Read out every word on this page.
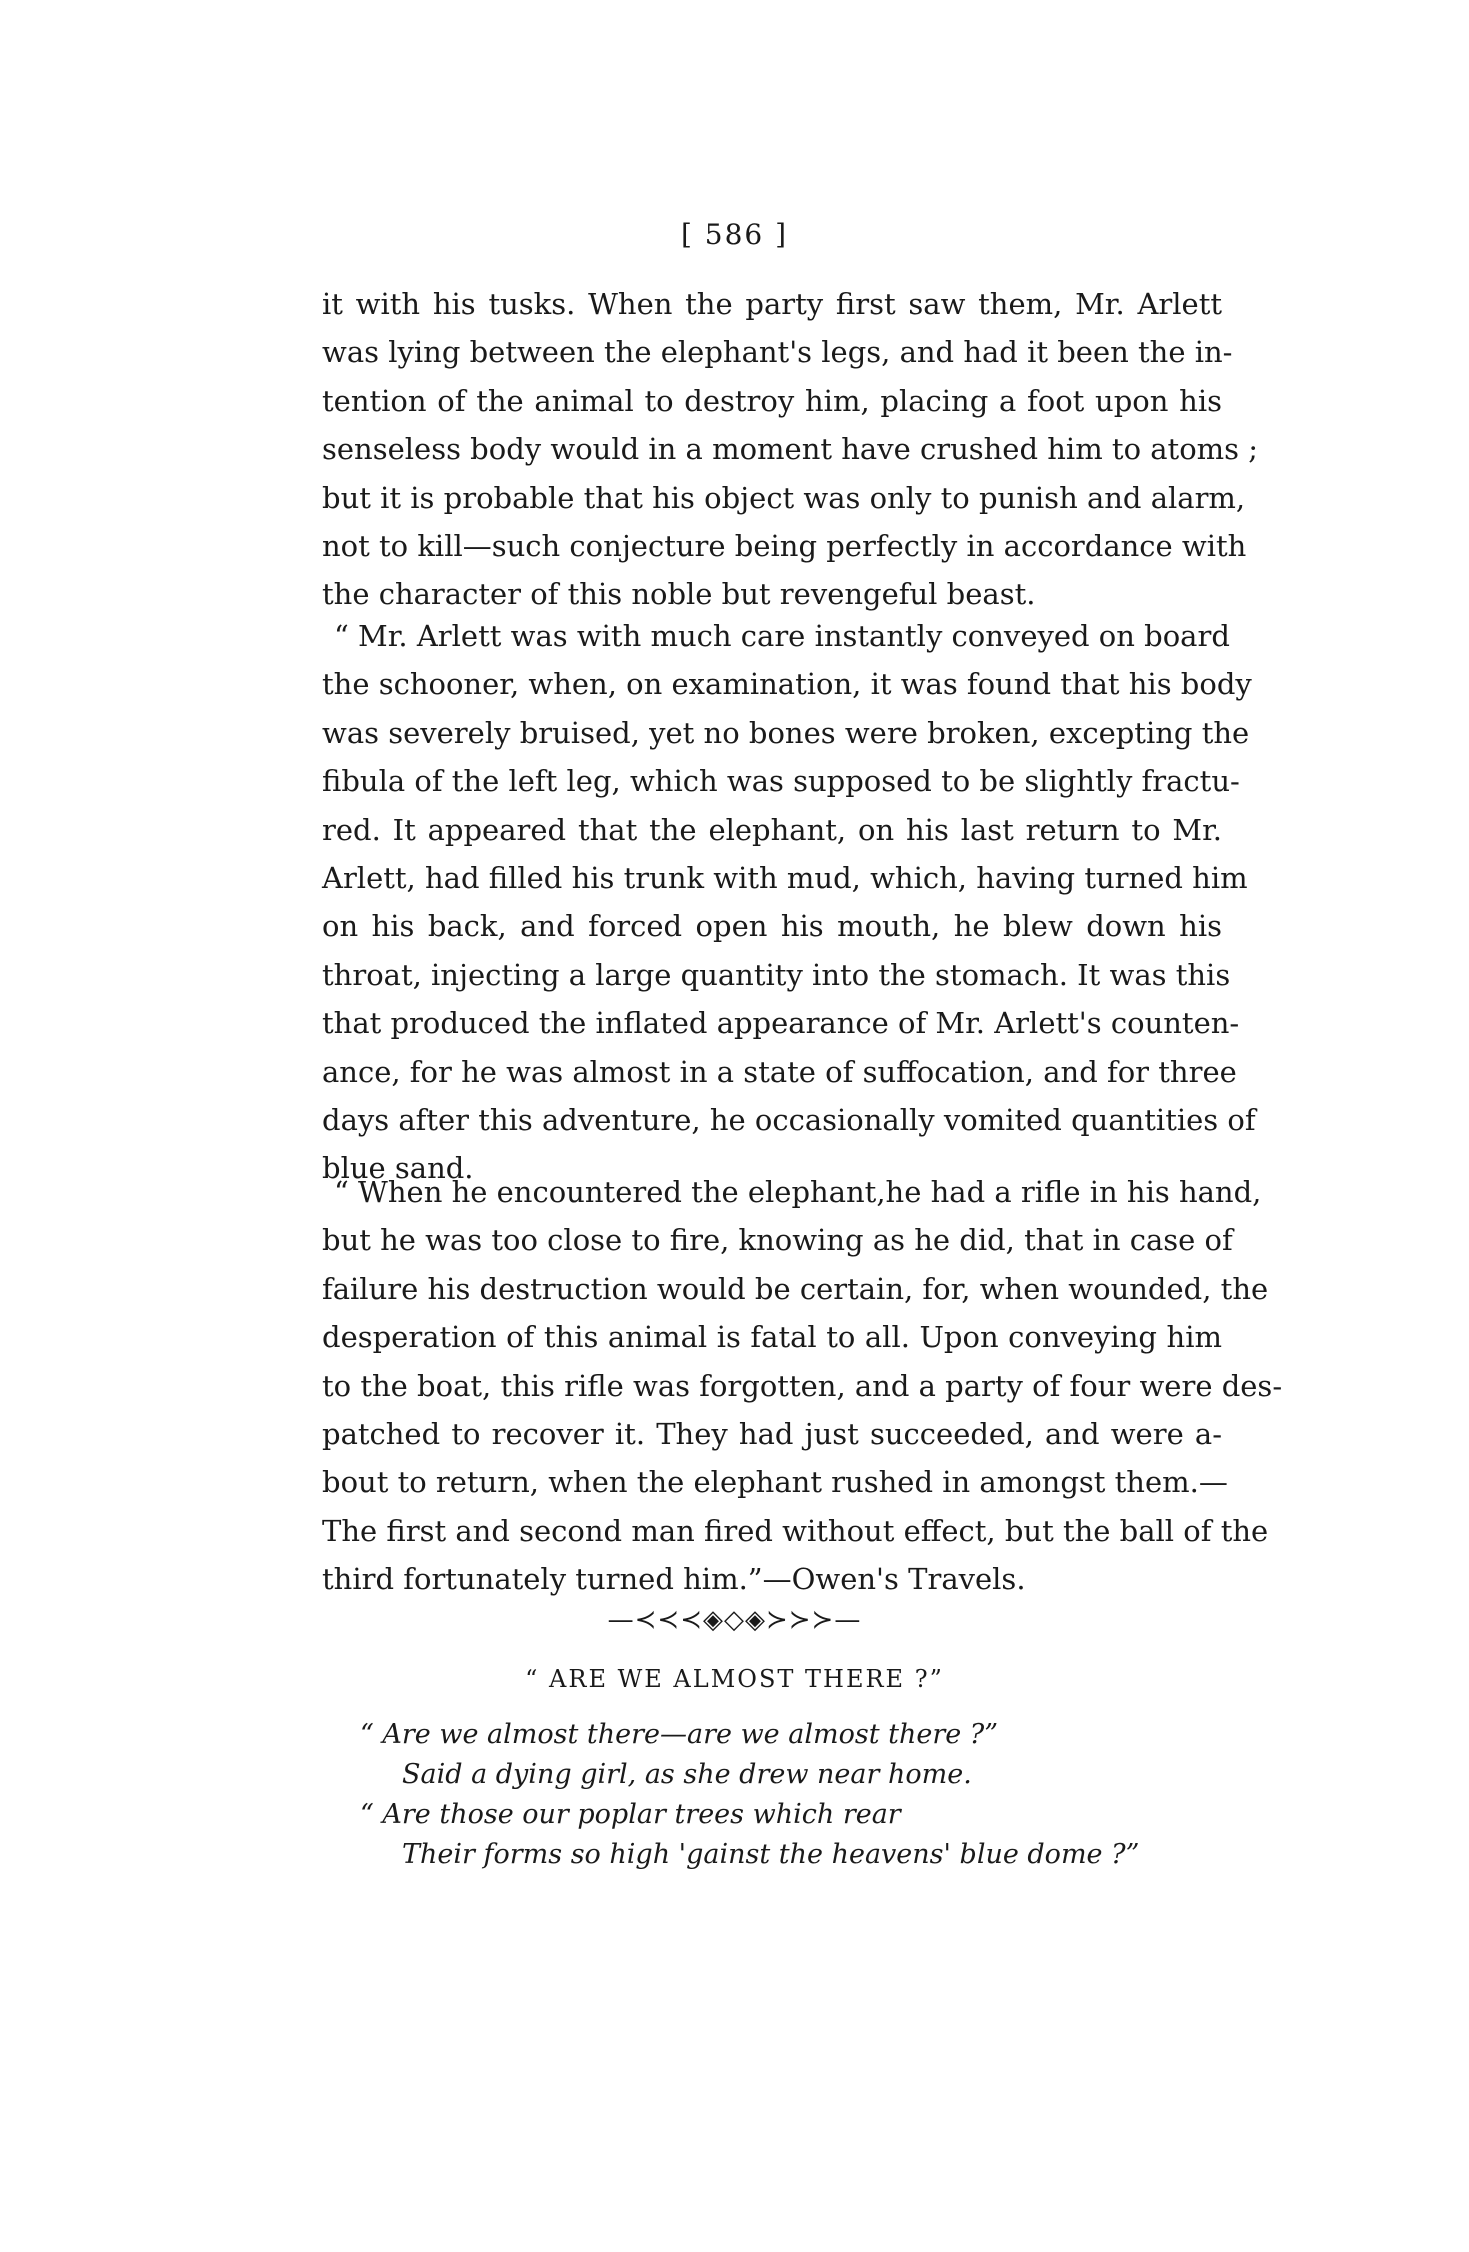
[ 586 ]
it with his tusks. When the party first saw them, Mr. Arlett
was lying between the elephant's legs, and had it been the in-
tention of the animal to destroy him, placing a foot upon his
senseless body would in a moment have crushed him to atoms ;
but it is probable that his object was only to punish and alarm,
not to kill—such conjecture being perfectly in accordance with
the character of this noble but revengeful beast.
“ Mr. Arlett was with much care instantly conveyed on board
the schooner, when, on examination, it was found that his body
was severely bruised, yet no bones were broken, excepting the
fibula of the left leg, which was supposed to be slightly fractu-
red. It appeared that the elephant, on his last return to Mr.
Arlett, had filled his trunk with mud, which, having turned him
on his back, and forced open his mouth, he blew down his
throat, injecting a large quantity into the stomach. It was this
that produced the inflated appearance of Mr. Arlett's counten-
ance, for he was almost in a state of suffocation, and for three
days after this adventure, he occasionally vomited quantities of
blue sand.
“ When he encountered the elephant,he had a rifle in his hand,
but he was too close to fire, knowing as he did, that in case of
failure his destruction would be certain, for, when wounded, the
desperation of this animal is fatal to all. Upon conveying him
to the boat, this rifle was forgotten, and a party of four were des-
patched to recover it. They had just succeeded, and were a-
bout to return, when the elephant rushed in amongst them.—
The first and second man fired without effect, but the ball of the
third fortunately turned him.”—Owen's Travels.
—≺≺≺◈◇◈≻≻≻—
“ ARE WE ALMOST THERE ?”
“ Are we almost there—are we almost there ?”
Said a dying girl, as she drew near home.
“ Are those our poplar trees which rear
Their forms so high 'gainst the heavens' blue dome ?”
